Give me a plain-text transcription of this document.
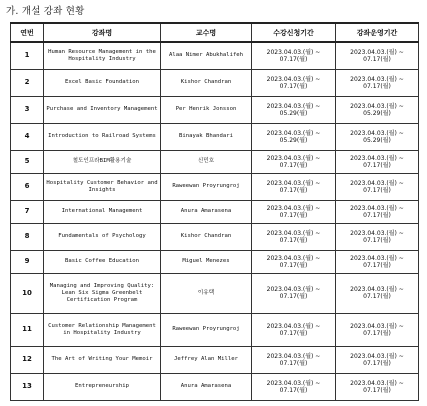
가. 개설 강좌 현황
연번	강좌명	교수명	수강신청기간	강좌운영기간
1	Human Resource Management in the Hospitality Industry	Alaa Nimer Abukhalifeh	2023.04.03.(월) ~ 07.17(월)	2023.04.03.(월) ~ 07.17(월)
2	Excel Basic Foundation	Kishor Chandran	2023.04.03.(월) ~ 07.17(월)	2023.04.03.(월) ~ 07.17(월)
3	Purchase and Inventory Management	Per Henrik Jonsson	2023.04.03.(월) ~ 05.29(월)	2023.04.03.(월) ~ 05.29(월)
4	Introduction to Railroad Systems	Binayak Bhandari	2023.04.03.(월) ~ 05.29(월)	2023.04.03.(월) ~ 05.29(월)
5	철도인프라BIM활용기술	신민호	2023.04.03.(월) ~ 07.17(월)	2023.04.03.(월) ~ 07.17(월)
6	Hospitality Customer Behavior and Insights	Raweewan Proyrungroj	2023.04.03.(월) ~ 07.17(월)	2023.04.03.(월) ~ 07.17(월)
7	International Management	Anura Amarasena	2023.04.03.(월) ~ 07.17(월)	2023.04.03.(월) ~ 07.17(월)
8	Fundamentals of Psychology	Kishor Chandran	2023.04.03.(월) ~ 07.17(월)	2023.04.03.(월) ~ 07.17(월)
9	Basic Coffee Education	Miguel Menezes	2023.04.03.(월) ~ 07.17(월)	2023.04.03.(월) ~ 07.17(월)
10	Managing and Improving Quality: Lean Six Sigma Greenbelt Certification Program	이유택	2023.04.03.(월) ~ 07.17(월)	2023.04.03.(월) ~ 07.17(월)
11	Customer Relationship Management in Hospitality Industry	Raweewan Proyrungroj	2023.04.03.(월) ~ 07.17(월)	2023.04.03.(월) ~ 07.17(월)
12	The Art of Writing Your Memoir	Jeffrey Alan Miller	2023.04.03.(월) ~ 07.17(월)	2023.04.03.(월) ~ 07.17(월)
13	Entrepreneurship	Anura Amarasena	2023.04.03.(월) ~ 07.17(월)	2023.04.03.(월) ~ 07.17(월)
